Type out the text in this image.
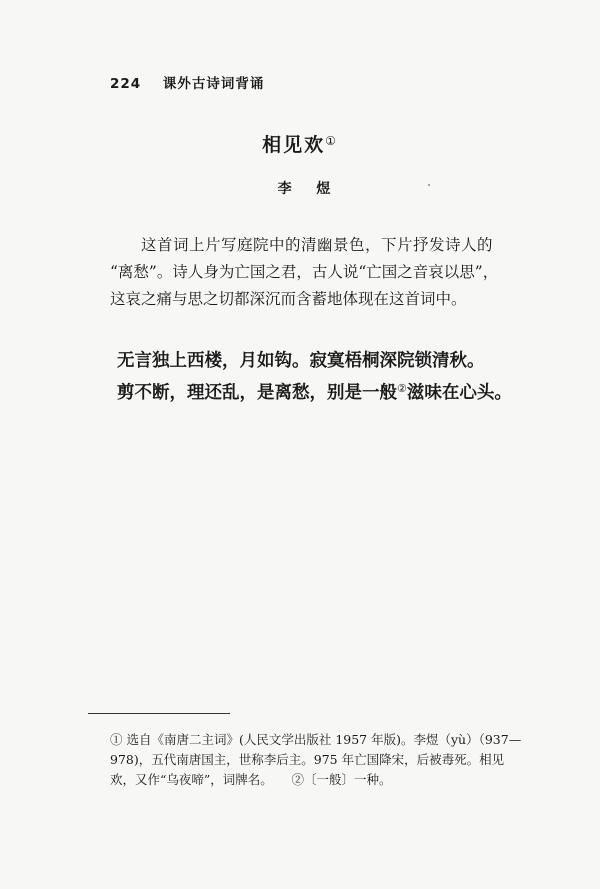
224 课外古诗词背诵
相见欢①
李 煜

这首词上片写庭院中的清幽景色，下片抒发诗人的

“离愁”。诗人身为亡国之君，古人说“亡国之音哀以思”，

这哀之痛与思之切都深沉而含蓄地体现在这首词中。

无言独上西楼，月如钩。寂寞梧桐深院锁清秋。

剪不断，理还乱，是离愁，别是一般②滋味在心头。

① 选自《南唐二主词》(人民文学出版社 1957 年版)。李煜（yù）（937—

978)，五代南唐国主，世称李后主。975 年亡国降宋，后被毒死。相见

欢，又作“乌夜啼”，词牌名。　　②〔一般〕一种。
